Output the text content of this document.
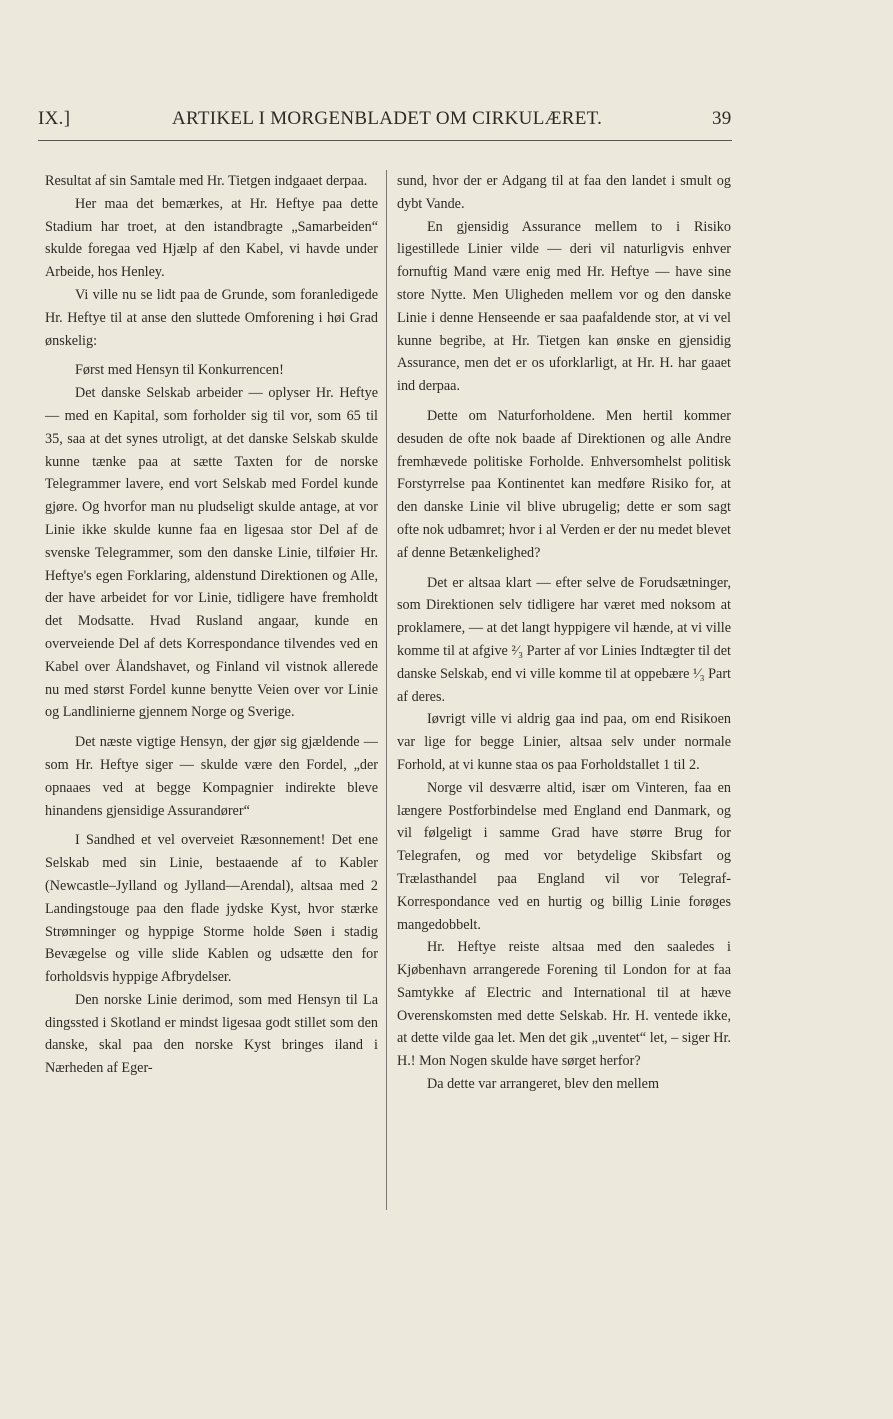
IX.]	ARTIKEL I MORGENBLADET OM CIRKULÆRET.	39

Resultat af sin Samtale med Hr. Tietgen indgaaet derpaa.

Her maa det bemærkes, at Hr. Heftye paa dette Stadium har troet, at den istandbragte „Samarbeiden“ skulde foregaa ved Hjælp af den Kabel, vi havde under Arbeide, hos Henley.

Vi ville nu se lidt paa de Grunde, som foranledigede Hr. Heftye til at anse den sluttede Omforening i høi Grad ønskelig:

Først med Hensyn til Konkurrencen!

Det danske Selskab arbeider — oplyser Hr. Heftye — med en Kapital, som forholder sig til vor, som 65 til 35, saa at det synes utroligt, at det danske Selskab skulde kunne tænke paa at sætte Taxten for de norske Telegrammer lavere, end vort Selskab med Fordel kunde gjøre. Og hvorfor man nu pludseligt skulde antage, at vor Linie ikke skulde kunne faa en ligesaa stor Del af de svenske Telegrammer, som den danske Linie, tilføier Hr. Heftye's egen Forklaring, aldenstund Direktionen og Alle, der have arbeidet for vor Linie, tidligere have fremholdt det Modsatte. Hvad Rusland angaar, kunde en overveiende Del af dets Korrespondance tilvendes ved en Kabel over Ålandshavet, og Finland vil vistnok allerede nu med størst Fordel kunne benytte Veien over vor Linie og Landlinierne gjennem Norge og Sverige.

Det næste vigtige Hensyn, der gjør sig gjældende — som Hr. Heftye siger — skulde være den Fordel, „der opnaaes ved at begge Kompagnier indirekte bleve hinandens gjensidige Assurandører“

I Sandhed et vel overveiet Ræsonnement! Det ene Selskab med sin Linie, bestaaende af to Kabler (Newcastle–Jylland og Jylland—Arendal), altsaa med 2 Landingstouge paa den flade jydske Kyst, hvor stærke Strømninger og hyppige Storme holde Søen i stadig Bevægelse og ville slide Kablen og udsætte den for forholdsvis hyppige Afbrydelser.

Den norske Linie derimod, som med Hensyn til La dingssted i Skotland er mindst ligesaa godt stillet som den danske, skal paa den norske Kyst bringes iland i Nærheden af Eger-

sund, hvor der er Adgang til at faa den landet i smult og dybt Vande.

En gjensidig Assurance mellem to i Risiko ligestillede Linier vilde — deri vil naturligvis enhver fornuftig Mand være enig med Hr. Heftye — have sine store Nytte. Men Uligheden mellem vor og den danske Linie i denne Henseende er saa paafaldende stor, at vi vel kunne begribe, at Hr. Tietgen kan ønske en gjensidig Assurance, men det er os uforklarligt, at Hr. H. har gaaet ind derpaa.

Dette om Naturforholdene. Men hertil kommer desuden de ofte nok baade af Direktionen og alle Andre fremhævede politiske Forholde. Enhversomhelst politisk Forstyrrelse paa Kontinentet kan medføre Risiko for, at den danske Linie vil blive ubrugelig; dette er som sagt ofte nok udbamret; hvor i al Verden er der nu medet blevet af denne Betænkelighed?

Det er altsaa klart — efter selve de Forudsætninger, som Direktionen selv tidligere har været med noksom at proklamere, — at det langt hyppigere vil hænde, at vi ville komme til at afgive ²⁄₃ Parter af vor Linies Indtægter til det danske Selskab, end vi ville komme til at oppebære ¹⁄₃ Part af deres.

Iøvrigt ville vi aldrig gaa ind paa, om end Risikoen var lige for begge Linier, altsaa selv under normale Forhold, at vi kunne staa os paa Forholdstallet 1 til 2.

Norge vil desværre altid, især om Vinteren, faa en længere Postforbindelse med England end Danmark, og vil følgeligt i samme Grad have større Brug for Telegrafen, og med vor betydelige Skibsfart og Trælasthandel paa England vil vor Telegraf-Korrespondance ved en hurtig og billig Linie forøges mangedobbelt.

Hr. Heftye reiste altsaa med den saaledes i Kjøbenhavn arrangerede Forening til London for at faa Samtykke af Electric and International til at hæve Overenskomsten med dette Selskab. Hr. H. ventede ikke, at dette vilde gaa let. Men det gik „uventet“ let, – siger Hr. H.! Mon Nogen skulde have sørget herfor?

Da dette var arrangeret, blev den mellem
